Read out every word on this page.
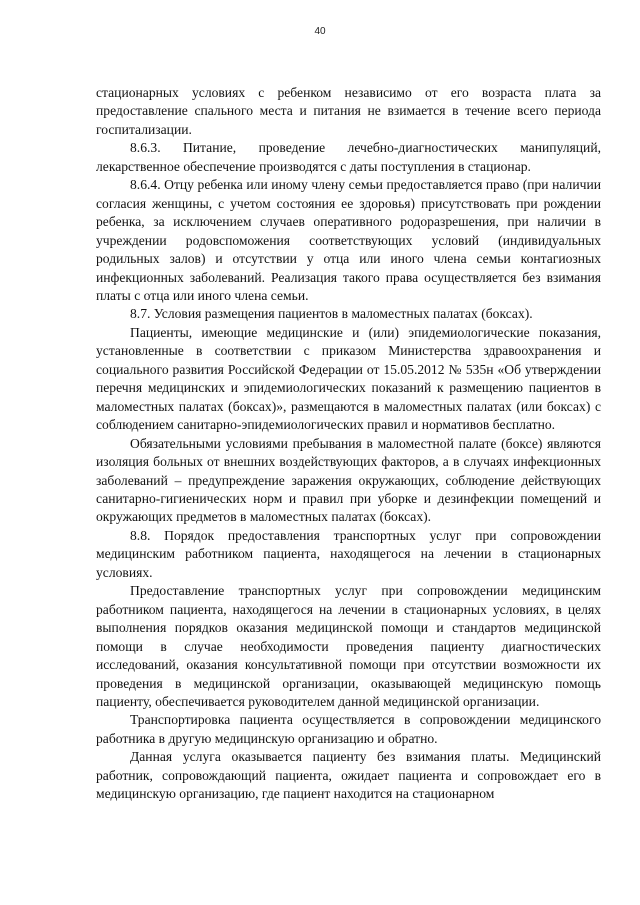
40

стационарных условиях с ребенком независимо от его возраста плата за предоставление спального места и питания не взимается в течение всего периода госпитализации.

8.6.3. Питание, проведение лечебно-диагностических манипуляций, лекарственное обеспечение производятся с даты поступления в стационар.

8.6.4. Отцу ребенка или иному члену семьи предоставляется право (при наличии согласия женщины, с учетом состояния ее здоровья) присутствовать при рождении ребенка, за исключением случаев оперативного родоразрешения, при наличии в учреждении родовспоможения соответствующих условий (индивидуальных родильных залов) и отсутствии у отца или иного члена семьи контагиозных инфекционных заболеваний. Реализация такого права осуществляется без взимания платы с отца или иного члена семьи.

8.7. Условия размещения пациентов в маломестных палатах (боксах).

Пациенты, имеющие медицинские и (или) эпидемиологические показания, установленные в соответствии с приказом Министерства здравоохранения и социального развития Российской Федерации от 15.05.2012 № 535н «Об утверждении перечня медицинских и эпидемиологических показаний к размещению пациентов в маломестных палатах (боксах)», размещаются в маломестных палатах (или боксах) с соблюдением санитарно-эпидемиологических правил и нормативов бесплатно.

Обязательными условиями пребывания в маломестной палате (боксе) являются изоляция больных от внешних воздействующих факторов, а в случаях инфекционных заболеваний – предупреждение заражения окружающих, соблюдение действующих санитарно-гигиенических норм и правил при уборке и дезинфекции помещений и окружающих предметов в маломестных палатах (боксах).

8.8. Порядок предоставления транспортных услуг при сопровождении медицинским работником пациента, находящегося на лечении в стационарных условиях.

Предоставление транспортных услуг при сопровождении медицинским работником пациента, находящегося на лечении в стационарных условиях, в целях выполнения порядков оказания медицинской помощи и стандартов медицинской помощи в случае необходимости проведения пациенту диагностических исследований, оказания консультативной помощи при отсутствии возможности их проведения в медицинской организации, оказывающей медицинскую помощь пациенту, обеспечивается руководителем данной медицинской организации.

Транспортировка пациента осуществляется в сопровождении медицинского работника в другую медицинскую организацию и обратно.

Данная услуга оказывается пациенту без взимания платы. Медицинский работник, сопровождающий пациента, ожидает пациента и сопровождает его в медицинскую организацию, где пациент находится на стационарном
